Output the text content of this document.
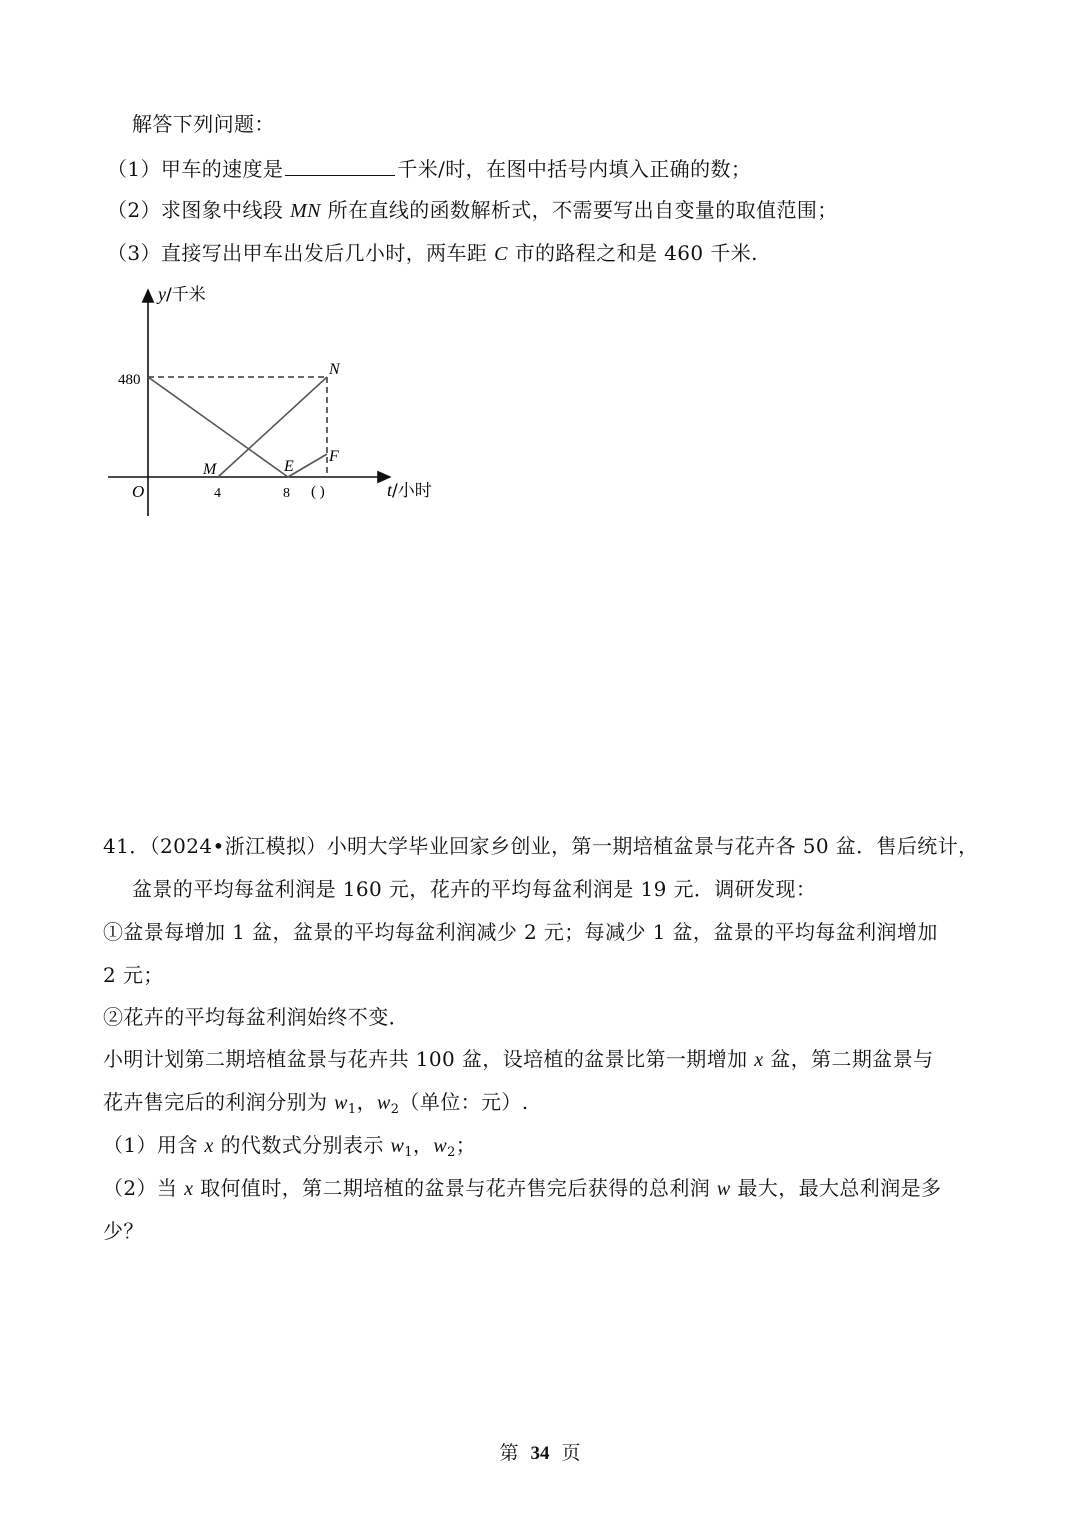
解答下列问题：
（1）甲车的速度是	千米/时，在图中括号内填入正确的数；
（2）求图象中线段 MN 所在直线的函数解析式，不需要写出自变量的取值范围；
（3）直接写出甲车出发后几小时，两车距 C 市的路程之和是 460 千米.
y/千米
480
N
F
M	E
O	4	8 ( )	t/小时
41．（2024•浙江模拟）小明大学毕业回家乡创业，第一期培植盆景与花卉各 50 盆．售后统计，
盆景的平均每盆利润是 160 元，花卉的平均每盆利润是 19 元．调研发现：
①盆景每增加 1 盆，盆景的平均每盆利润减少 2 元；每减少 1 盆，盆景的平均每盆利润增加
2 元；
②花卉的平均每盆利润始终不变．
小明计划第二期培植盆景与花卉共 100 盆，设培植的盆景比第一期增加 x 盆，第二期盆景与
花卉售完后的利润分别为 $w_1$，$w_2$（单位：元）.
（1）用含 x 的代数式分别表示 $w_1$，$w_2$；
（2）当 x 取何值时，第二期培植的盆景与花卉售完后获得的总利润 w 最大，最大总利润是多
少？
第 34 页
